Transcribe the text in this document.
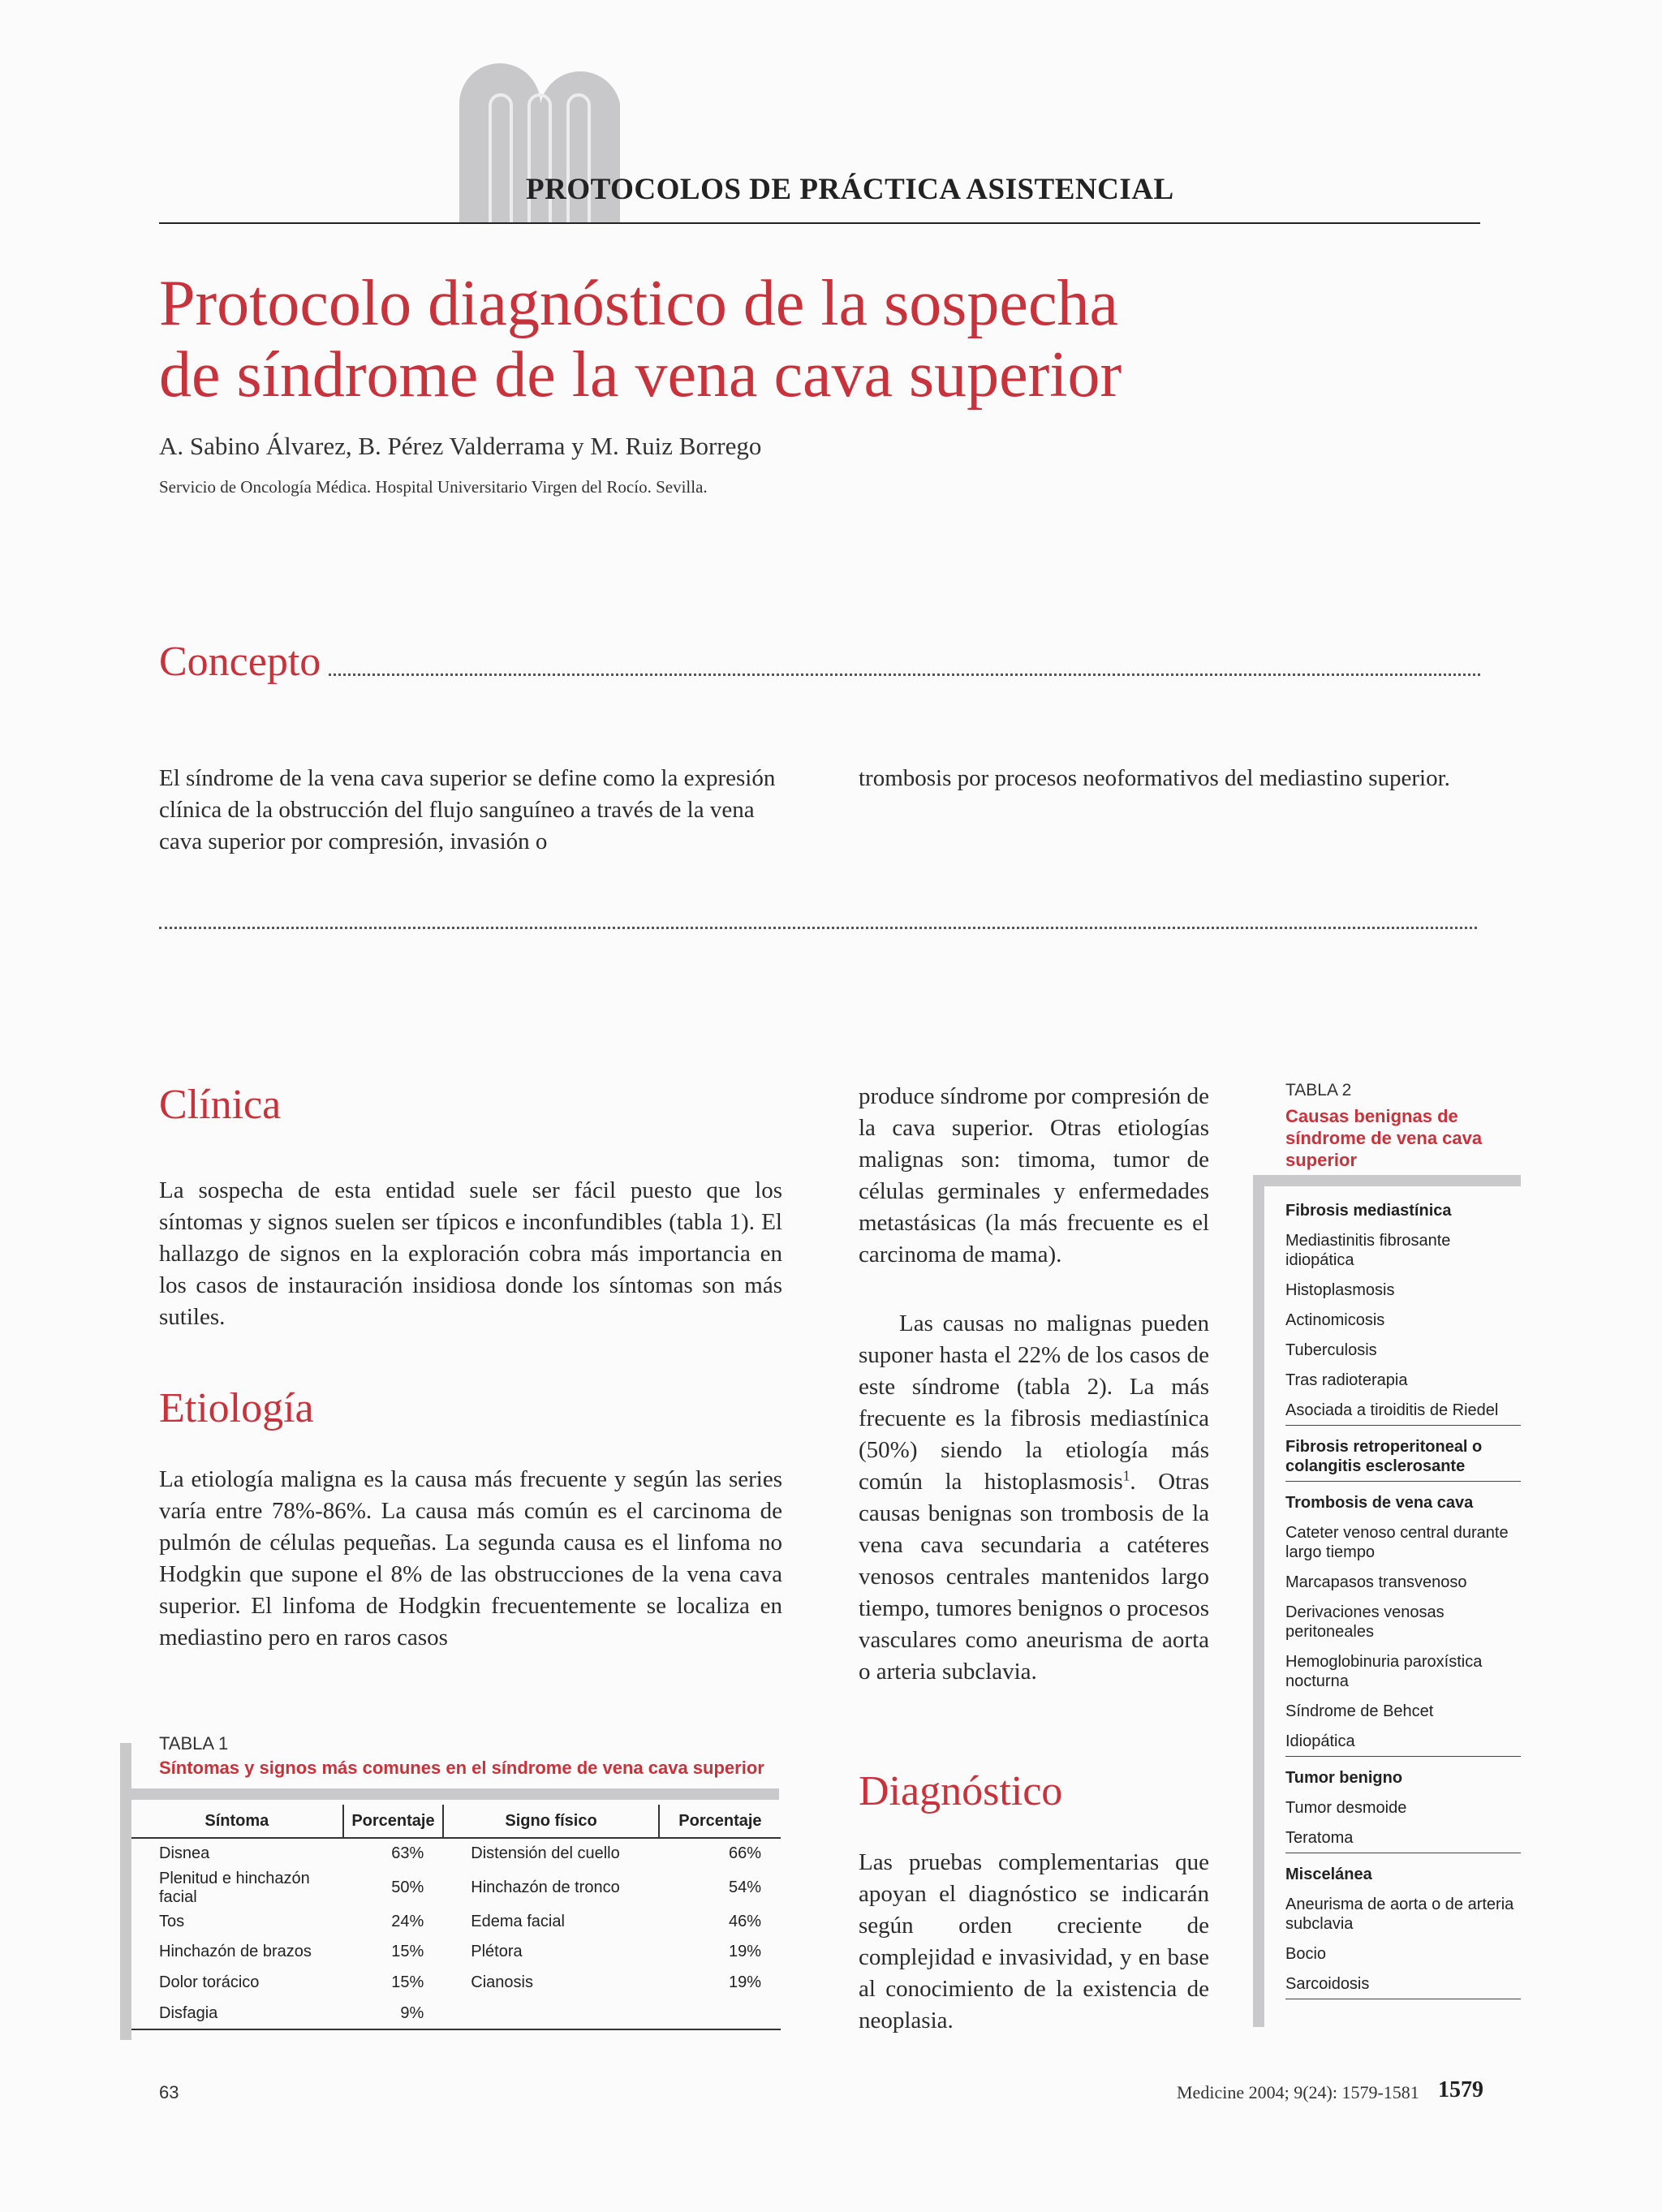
PROTOCOLOS DE PRÁCTICA ASISTENCIAL
Protocolo diagnóstico de la sospecha
de síndrome de la vena cava superior
A. Sabino Álvarez, B. Pérez Valderrama y M. Ruiz Borrego
Servicio de Oncología Médica. Hospital Universitario Virgen del Rocío. Sevilla.
Concepto

El síndrome de la vena cava superior se define como la expresión clínica de la obstrucción del flujo sanguíneo a través de la vena cava superior por compresión, invasión o

trombosis por procesos neoformativos del mediastino superior.

Clínica

La sospecha de esta entidad suele ser fácil puesto que los síntomas y signos suelen ser típicos e inconfundibles (tabla 1). El hallazgo de signos en la exploración cobra más importancia en los casos de instauración insidiosa donde los síntomas son más sutiles.

Etiología

La etiología maligna es la causa más frecuente y según las series varía entre 78%-86%. La causa más común es el carcinoma de pulmón de células pequeñas. La segunda causa es el linfoma no Hodgkin que supone el 8% de las obstrucciones de la vena cava superior. El linfoma de Hodgkin frecuentemente se localiza en mediastino pero en raros casos

produce síndrome por compresión de la cava superior. Otras etiologías malignas son: timoma, tumor de células germinales y enfermedades metastásicas (la más frecuente es el carcinoma de mama).

Las causas no malignas pueden suponer hasta el 22% de los casos de este síndrome (tabla 2). La más frecuente es la fibrosis mediastínica (50%) siendo la etiología más común la histoplasmosis$^1$. Otras causas benignas son trombosis de la vena cava secundaria a catéteres venosos centrales mantenidos largo tiempo, tumores benignos o procesos vasculares como aneurisma de aorta o arteria subclavia.

Diagnóstico

Las pruebas complementarias que apoyan el diagnóstico se indicarán según orden creciente de complejidad e invasividad, y en base al conocimiento de la existencia de neoplasia.

TABLA 1
Síntomas y signos más comunes en el síndrome de vena cava superior
Síntoma	Porcentaje	Signo físico	Porcentaje
Disnea	63%	Distensión del cuello	66%
Plenitud e hinchazón facial	50%	Hinchazón de tronco	54%
Tos	24%	Edema facial	46%
Hinchazón de brazos	15%	Plétora	19%
Dolor torácico	15%	Cianosis	19%
Disfagia	9%		
TABLA 2
Causas benignas de síndrome de vena cava superior
Fibrosis mediastínica
Mediastinitis fibrosante idiopática
Histoplasmosis
Actinomicosis
Tuberculosis
Tras radioterapia
Asociada a tiroiditis de Riedel
Fibrosis retroperitoneal o colangitis esclerosante
Trombosis de vena cava
Cateter venoso central durante largo tiempo
Marcapasos transvenoso
Derivaciones venosas peritoneales
Hemoglobinuria paroxística nocturna
Síndrome de Behcet
Idiopática
Tumor benigno
Tumor desmoide
Teratoma
Miscelánea
Aneurisma de aorta o de arteria subclavia
Bocio
Sarcoidosis
63	Medicine 2004; 9(24): 1579-1581 1579
